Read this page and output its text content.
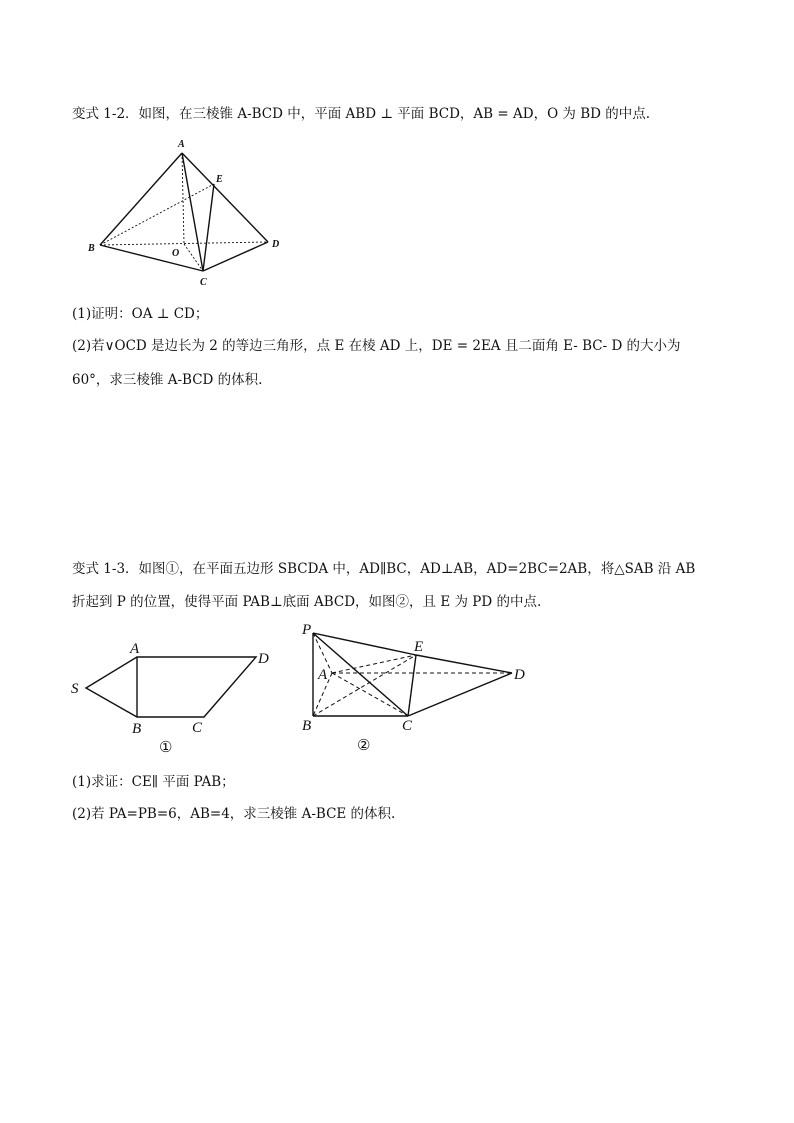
变式 1-2．如图，在三棱锥 A-BCD 中，平面 ABD ⊥ 平面 BCD，AB = AD，O 为 BD 的中点.
A
B
C
D
E
O
(1)证明：OA ⊥ CD；
(2)若∨OCD 是边长为 2 的等边三角形，点 E 在棱 AD 上，DE = 2EA 且二面角 E- BC- D 的大小为
60°，求三棱锥 A-BCD 的体积.
变式 1-3．如图①，在平面五边形 SBCDA 中，AD∥BC，AD⊥AB，AD=2BC=2AB，将△SAB 沿 AB
折起到 P 的位置，使得平面 PAB⊥底面 ABCD，如图②，且 E 为 PD 的中点.
S
A
B	C
D
①
P
E
A	D
B	C
②
(1)求证：CE∥ 平面 PAB；
(2)若 PA=PB=6，AB=4，求三棱锥 A-BCE 的体积.
